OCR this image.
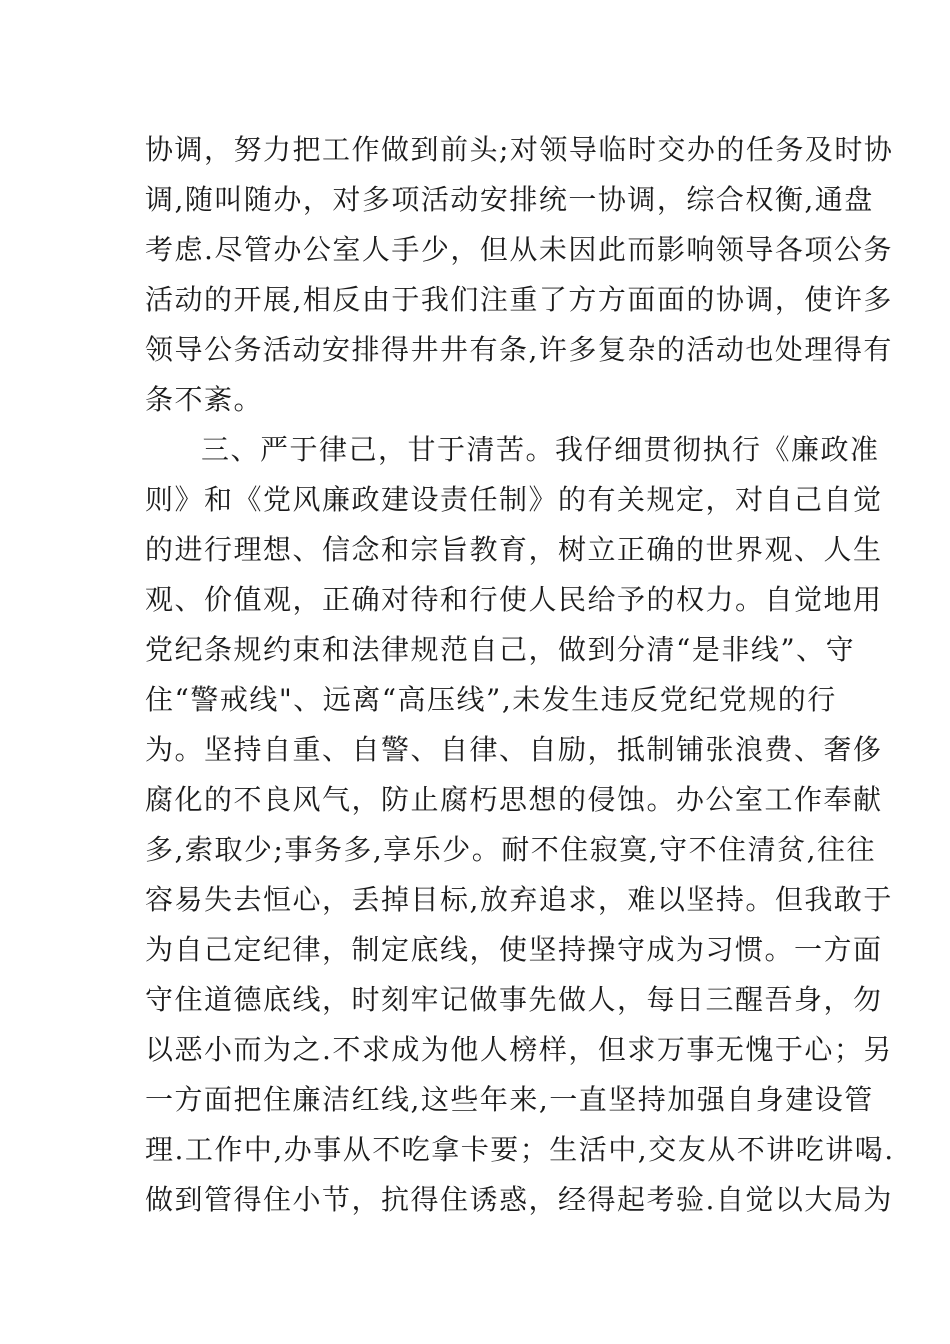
协调，努力把工作做到前头;对领导临时交办的任务及时协
调,随叫随办，对多项活动安排统一协调，综合权衡,通盘
考虑.尽管办公室人手少，但从未因此而影响领导各项公务
活动的开展,相反由于我们注重了方方面面的协调，使许多
领导公务活动安排得井井有条,许多复杂的活动也处理得有
条不紊。
三、严于律己，甘于清苦。我仔细贯彻执行《廉政准
则》和《党风廉政建设责任制》的有关规定，对自己自觉
的进行理想、信念和宗旨教育，树立正确的世界观、人生
观、价值观，正确对待和行使人民给予的权力。自觉地用
党纪条规约束和法律规范自己，做到分清“是非线”、守
住“警戒线"、远离“高压线”,未发生违反党纪党规的行
为。坚持自重、自警、自律、自励，抵制铺张浪费、奢侈
腐化的不良风气，防止腐朽思想的侵蚀。办公室工作奉献
多,索取少;事务多,享乐少。耐不住寂寞,守不住清贫,往往
容易失去恒心，丢掉目标,放弃追求，难以坚持。但我敢于
为自己定纪律，制定底线，使坚持操守成为习惯。一方面
守住道德底线，时刻牢记做事先做人，每日三醒吾身，勿
以恶小而为之.不求成为他人榜样，但求万事无愧于心；另
一方面把住廉洁红线,这些年来,一直坚持加强自身建设管
理.工作中,办事从不吃拿卡要；生活中,交友从不讲吃讲喝.
做到管得住小节，抗得住诱惑，经得起考验.自觉以大局为
